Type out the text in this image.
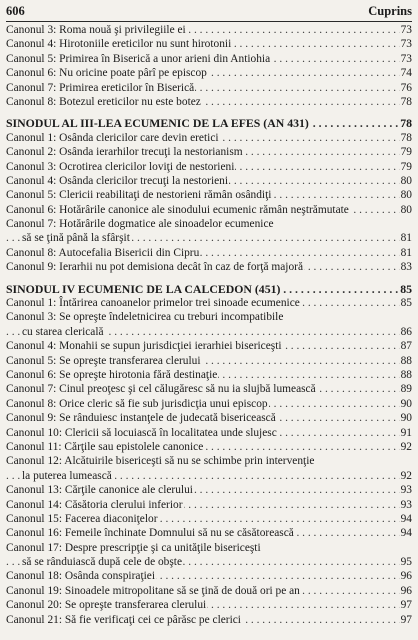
606	Cuprins
. . . Canonul 3: Roma nouă şi privilegiile ei	73
. . . Canonul 4: Hirotoniile ereticilor nu sunt hirotonii	73
. . . Canonul 5: Primirea în Biserică a unor arieni din Antiohia	73
. . . Canonul 6: Nu oricine poate pârî pe episcop	74
. . . Canonul 7: Primirea ereticilor în Biserică	76
. . . Canonul 8: Botezul ereticilor nu este botez	78
. . . SINODUL AL III-LEA ECUMENIC DE LA EFES (AN 431)	78
. . . Canonul 1: Osânda clericilor care devin eretici	78
. . . Canonul 2: Osânda ierarhilor trecuţi la nestorianism	79
. . . Canonul 3: Ocrotirea clericilor loviţi de nestorieni	79
. . . Canonul 4: Osânda clericilor trecuţi la nestorieni	80
. . . Canonul 5: Clericii reabilitaţi de nestorieni rămân osândiţi	80
. . . Canonul 6: Hotărârile canonice ale sinodului ecumenic rămân neştrămutate	80
Canonul 7: Hotărârile dogmatice ale sinoadelor ecumenice
. . . să se ţină până la sfârşit	81
. . . Canonul 8: Autocefalia Bisericii din Cipru	81
. . . Canonul 9: Ierarhii nu pot demisiona decât în caz de forţă majoră	83
. . . SINODUL IV ECUMENIC DE LA CALCEDON (451)	85
. . . Canonul 1: Întărirea canoanelor primelor trei sinoade ecumenice	85
Canonul 3: Se opreşte îndeletnicirea cu treburi incompatibile
. . . cu starea clericală	86
. . . Canonul 4: Monahii se supun jurisdicţiei ierarhiei bisericeşti	87
. . . Canonul 5: Se opreşte transferarea clerului	88
. . . Canonul 6: Se opreşte hirotonia fără destinaţie	88
. . . Canonul 7: Cinul preoţesc şi cel călugăresc să nu ia slujbă lumească	89
. . . Canonul 8: Orice cleric să fie sub jurisdicţia unui episcop	90
. . . Canonul 9: Se rânduiesc instanţele de judecată bisericească	90
. . . Canonul 10: Clericii să locuiască în localitatea unde slujesc	91
. . . Canonul 11: Cărţile sau epistolele canonice	92
Canonul 12: Alcătuirile bisericeşti să nu se schimbe prin intervenţie
. . . la puterea lumească	92
. . . Canonul 13: Cărţile canonice ale clerului	93
. . . Canonul 14: Căsătoria clerului inferior	93
. . . Canonul 15: Facerea diaconiţelor	94
. . . Canonul 16: Femeile închinate Domnului să nu se căsătorească	94
Canonul 17: Despre prescripţie şi ca unităţile bisericeşti
. . . să se rânduiască după cele de obşte	95
. . . Canonul 18: Osânda conspiraţiei	96
. . . Canonul 19: Sinoadele mitropolitane să se ţină de două ori pe an	96
. . . Canonul 20: Se opreşte transferarea clerului	97
. . . Canonul 21: Să fie verificaţi cei ce pârăsc pe clerici	97
